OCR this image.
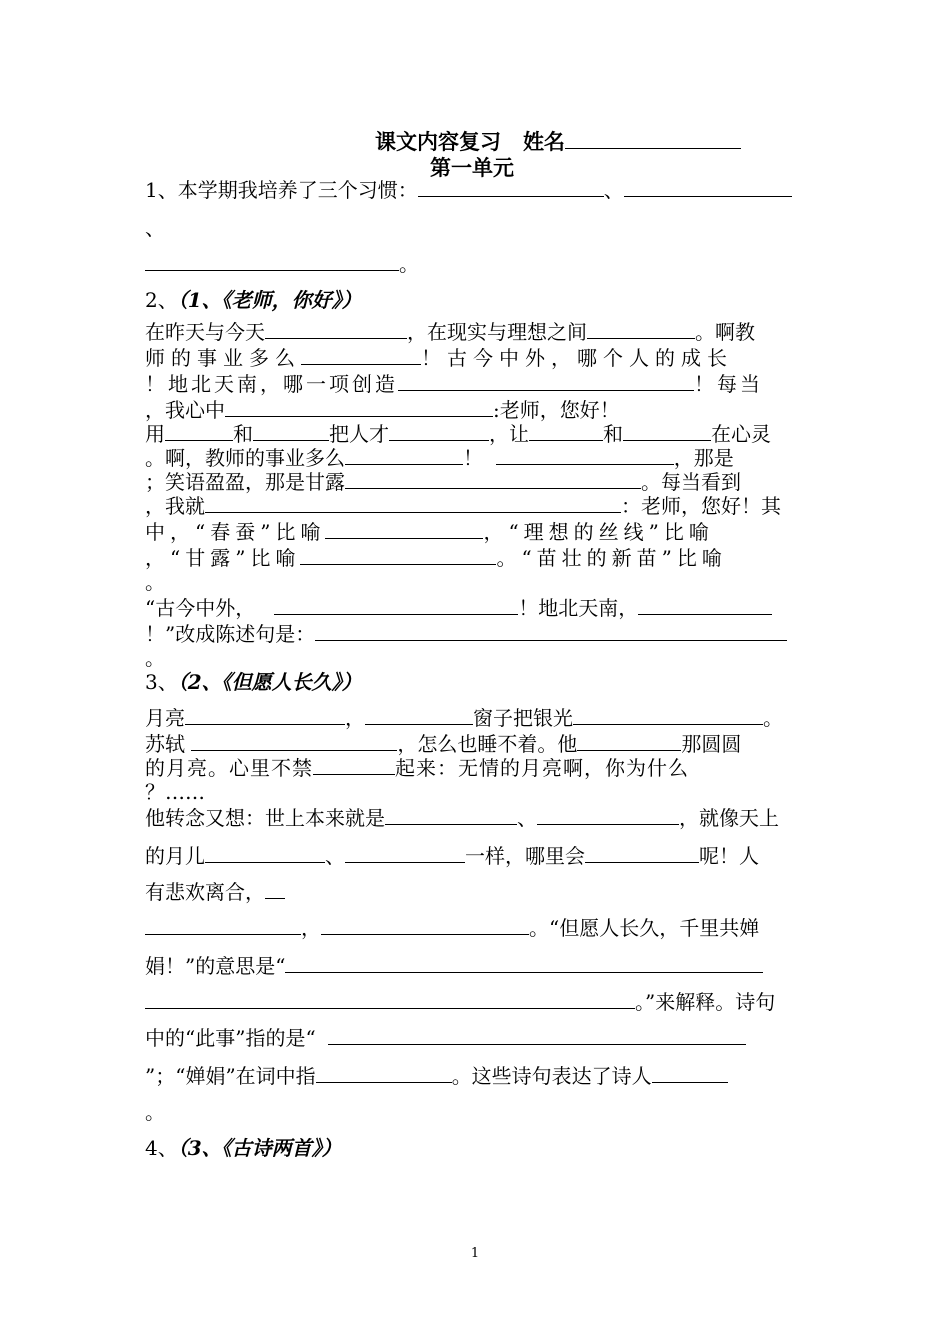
课文内容复习 姓名
第一单元
1、本学期我培养了三个习惯：	、
、
。
2、（1、《老师，你好》）
在昨天与今天	，在现实与理想之间	。啊教
师的事业多么	！古今中外，哪个人的成长
！地北天南，哪一项创造	！每当
，我心中	:老师，您好！
用	和	把人才	，让	和	在心灵
。啊，教师的事业多么	！	，那是
；笑语盈盈，那是甘露	。每当看到
，我就	：老师，您好！其
中，“春蚕”比喻	，“理想的丝线”比喻
，“甘露”比喻	。“苗壮的新苗”比喻
。
“古今中外，	！地北天南，
！”改成陈述句是：
。
3、（2、《但愿人长久》）
月亮	，	窗子把银光	。
苏轼	，怎么也睡不着。他	那圆圆
的月亮。心里不禁	起来：无情的月亮啊，你为什么
？……
他转念又想：世上本来就是	、	，就像天上
的月儿	、	一样，哪里会	呢！人
有悲欢离合，
，	。“但愿人长久，千里共婵
娟！”的意思是“
。”来解释。诗句
中的“此事”指的是“
”；“婵娟”在词中指	。这些诗句表达了诗人
。
4、（3、《古诗两首》）
1
